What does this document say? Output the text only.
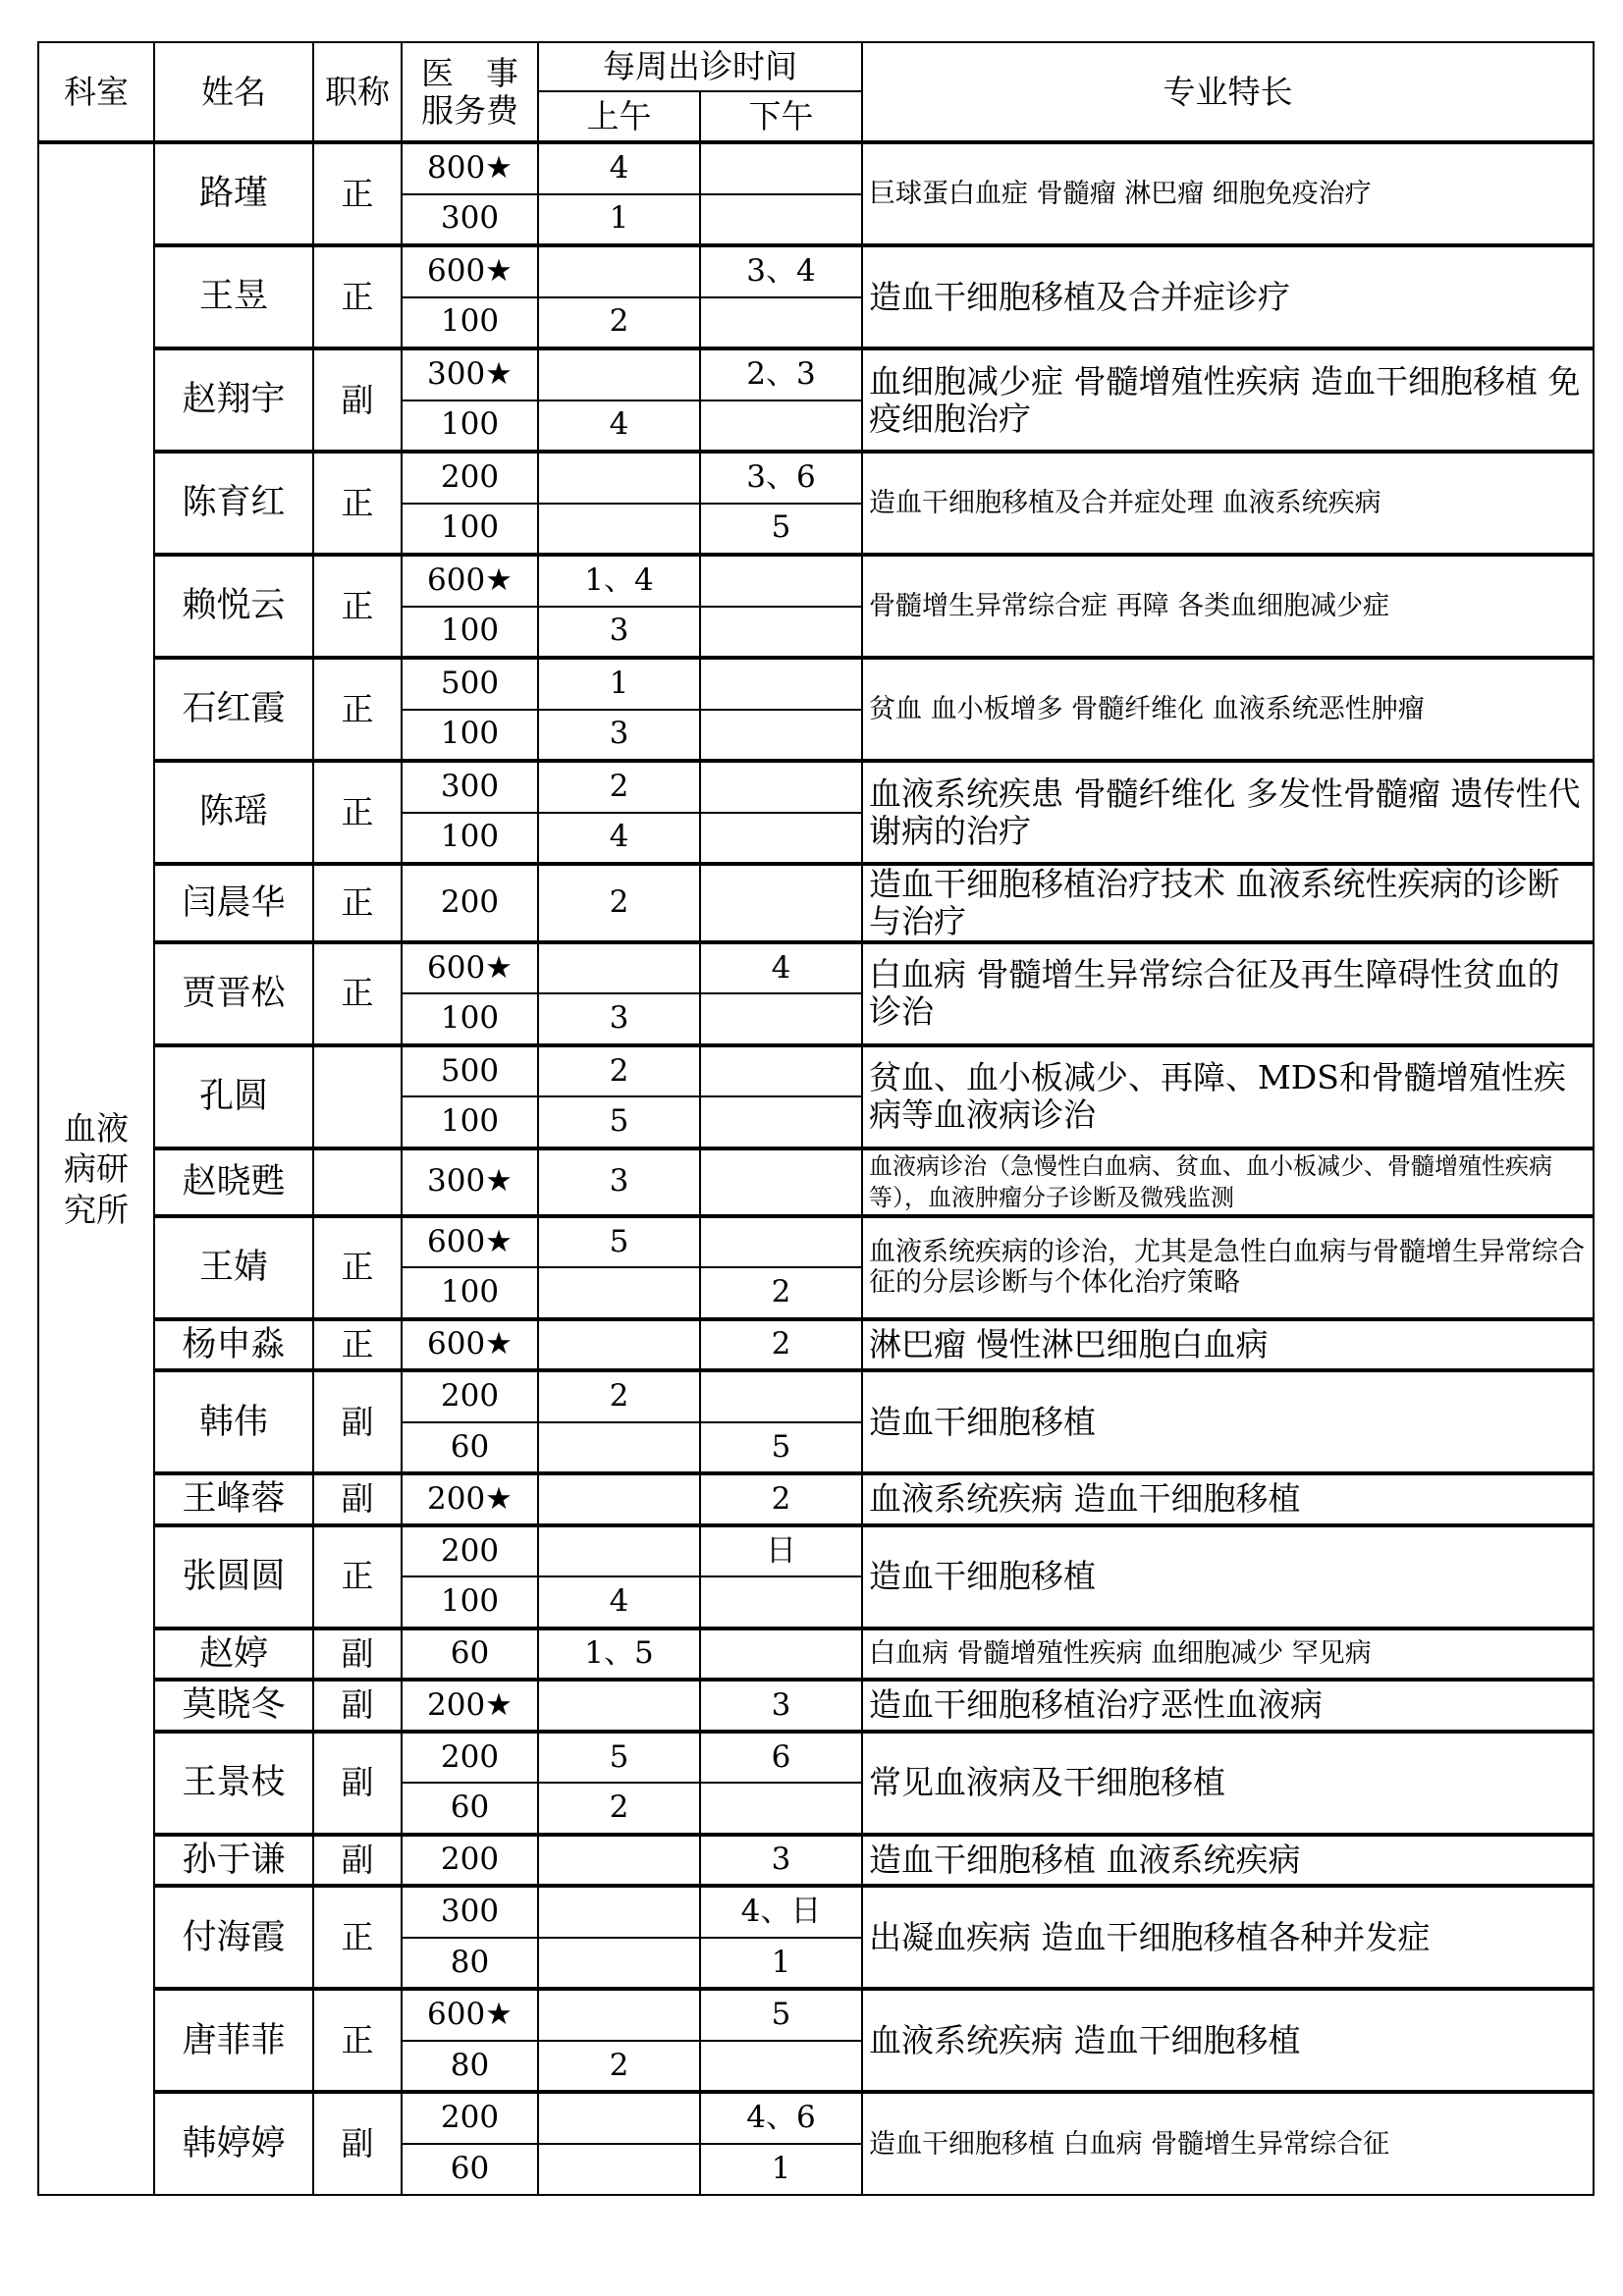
科室	姓名	职称	医　事
服务费	每周出诊时间		专业特长
				上午	下午	

血液
病研
究所	路瑾	正	800★	4		巨球蛋白血症 骨髓瘤 淋巴瘤 细胞免疫治疗
			300	1		
	王昱	正	600★		3、4	造血干细胞移植及合并症诊疗
			100	2		
	赵翔宇	副	300★		2、3	血细胞减少症 骨髓增殖性疾病 造血干细胞移植 免疫细胞治疗
			100	4		
	陈育红	正	200		3、6	造血干细胞移植及合并症处理 血液系统疾病
			100		5	
	赖悦云	正	600★	1、4		骨髓增生异常综合症 再障 各类血细胞减少症
			100	3		
	石红霞	正	500	1		贫血 血小板增多 骨髓纤维化 血液系统恶性肿瘤
			100	3		
	陈瑶	正	300	2		血液系统疾患 骨髓纤维化 多发性骨髓瘤 遗传性代谢病的治疗
			100	4		
	闫晨华	正	200	2		造血干细胞移植治疗技术 血液系统性疾病的诊断与治疗
	贾晋松	正	600★		4	白血病 骨髓增生异常综合征及再生障碍性贫血的诊治
			100	3		
	孔圆		500	2		贫血、血小板减少、再障、MDS和骨髓增殖性疾病等血液病诊治
			100	5		
	赵晓甦		300★	3		血液病诊治（急慢性白血病、贫血、血小板减少、骨髓增殖性疾病等），血液肿瘤分子诊断及微残监测
	王婧	正	600★	5		血液系统疾病的诊治，尤其是急性白血病与骨髓增生异常综合征的分层诊断与个体化治疗策略
			100		2	
	杨申淼	正	600★		2	淋巴瘤 慢性淋巴细胞白血病
	韩伟	副	200	2		造血干细胞移植
			60		5	
	王峰蓉	副	200★		2	血液系统疾病 造血干细胞移植
	张圆圆	正	200		日	造血干细胞移植
			100	4		
	赵婷	副	60	1、5		白血病 骨髓增殖性疾病 血细胞减少 罕见病
	莫晓冬	副	200★		3	造血干细胞移植治疗恶性血液病
	王景枝	副	200	5	6	常见血液病及干细胞移植
			60	2		
	孙于谦	副	200		3	造血干细胞移植 血液系统疾病
	付海霞	正	300		4、日	出凝血疾病 造血干细胞移植各种并发症
			80		1	
	唐菲菲	正	600★		5	血液系统疾病 造血干细胞移植
			80	2		
	韩婷婷	副	200		4、6	造血干细胞移植 白血病 骨髓增生异常综合征
			60		1	
